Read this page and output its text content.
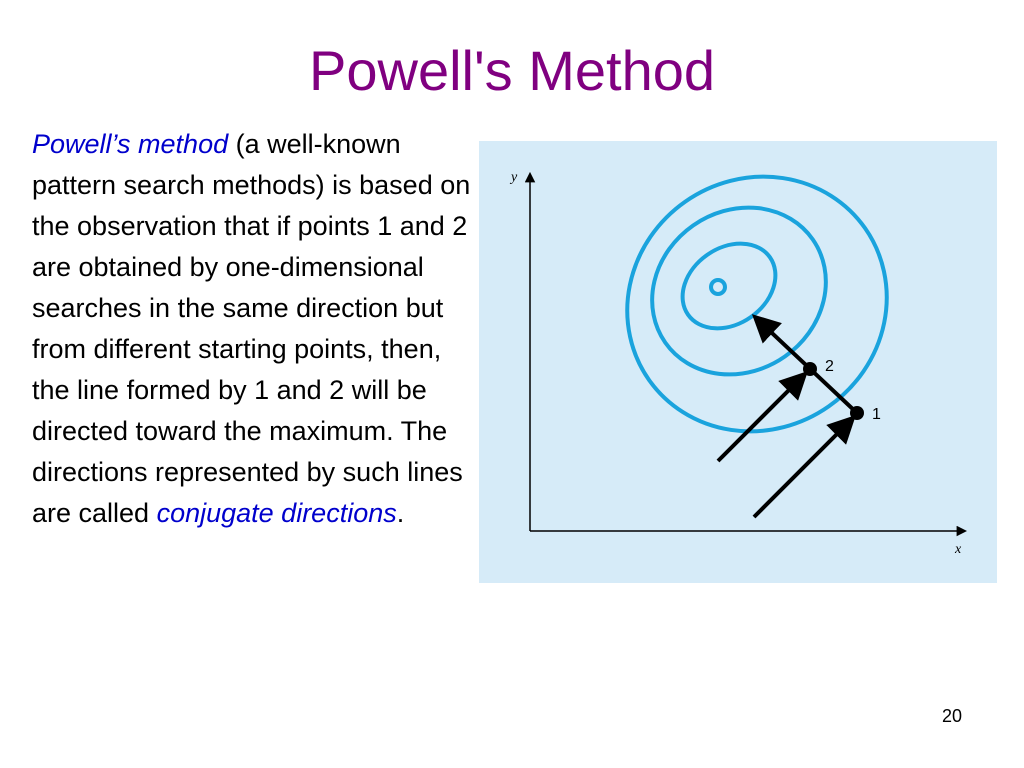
Powell's Method
Powell’s method (a well-known pattern search methods) is based on the observation that if points 1 and 2 are obtained by one-dimensional searches in the same direction but from different starting points, then, the line formed by 1 and 2 will be directed toward the maximum. The directions represented by such lines are called conjugate directions.
y
x
1
2
20
